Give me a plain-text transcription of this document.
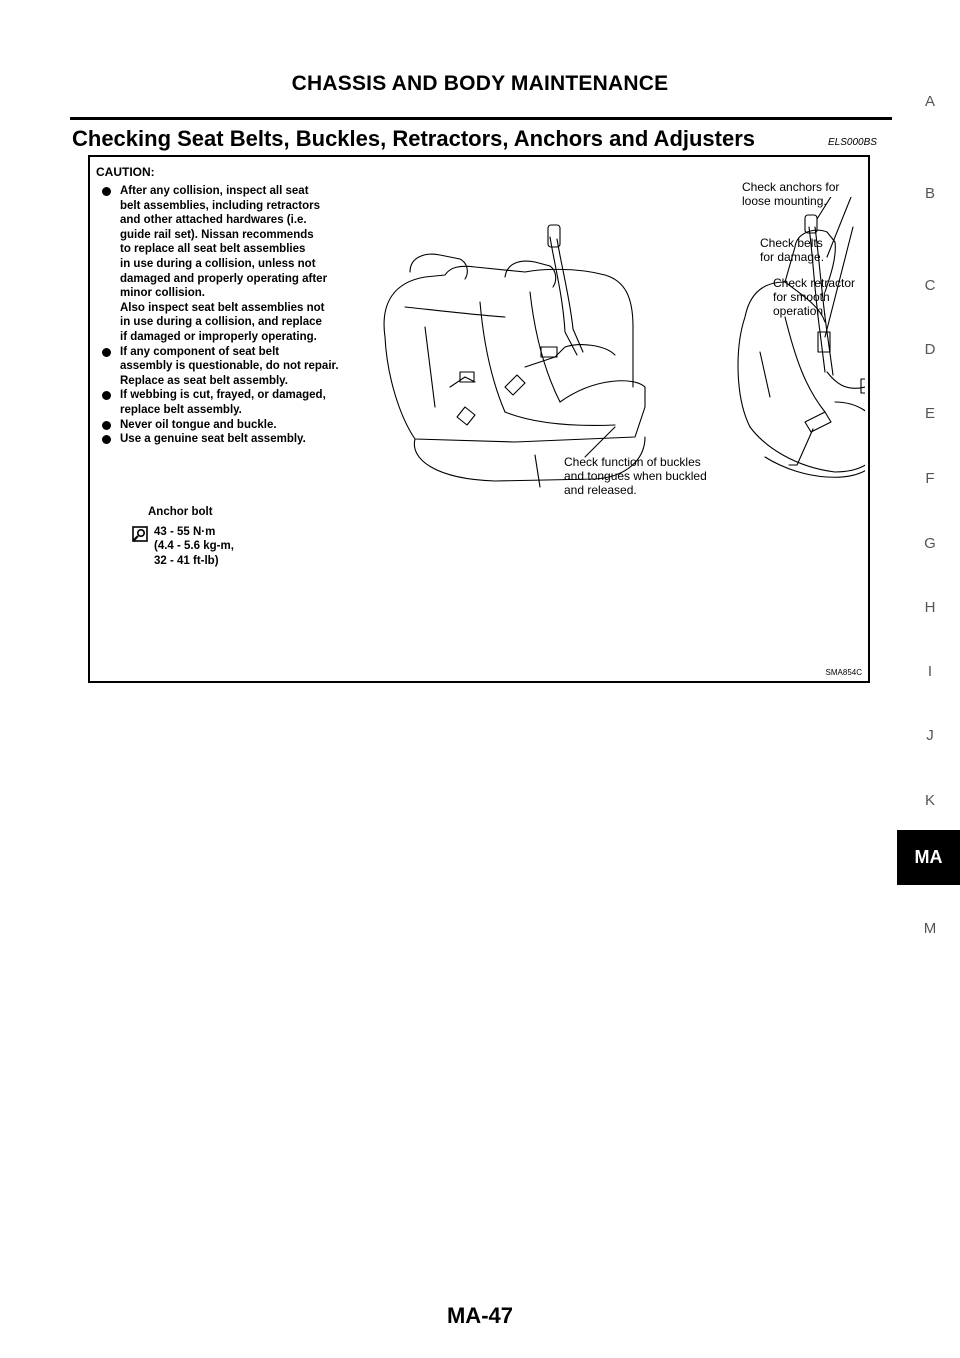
CHASSIS AND BODY MAINTENANCE
Checking Seat Belts, Buckles, Retractors, Anchors and Adjusters	ELS000BS
CAUTION:
After any collision, inspect all seat
belt assemblies, including retractors
and other attached hardwares (i.e.
guide rail set). Nissan recommends
to replace all seat belt assemblies
in use during a collision, unless not
damaged and properly operating after
minor collision.
Also inspect seat belt assemblies not
in use during a collision, and replace
if damaged or improperly operating.
If any component of seat belt
assembly is questionable, do not repair.
Replace as seat belt assembly.
If webbing is cut, frayed, or damaged,
replace belt assembly.
Never oil tongue and buckle.
Use a genuine seat belt assembly.
Anchor bolt
43 - 55 N·m
(4.4 - 5.6 kg-m,
32 - 41 ft-lb)
Check anchors for
loose mounting.
Check belts
for damage.
Check retractor
for smooth
operation.
Check function of buckles
and tongues when buckled
and released.
SMA854C
A
B
C
D
E
F
G
H
I
J
K
M
MA
MA-47
